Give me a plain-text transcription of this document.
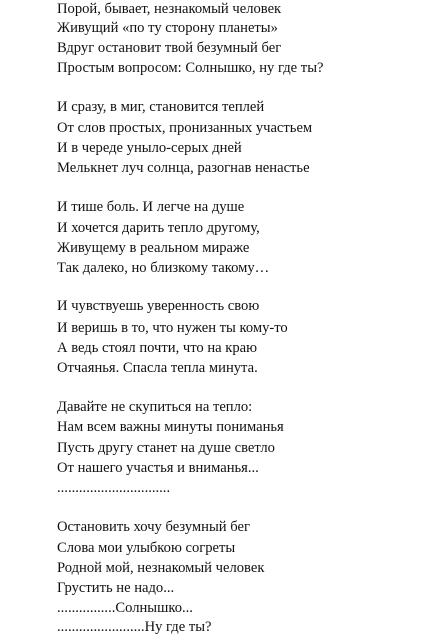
Порой, бывает, незнакомый человек
Живущий «по ту сторону планеты»
Вдруг остановит твой безумный бег
Простым вопросом: Солнышко, ну где ты?
И сразу, в миг, становится теплей
От слов простых, пронизанных участьем
И в череде уныло-серых дней
Мелькнет луч солнца, разогнав ненастье
И тише боль. И легче на душе
И хочется дарить тепло другому,
Живущему в реальном мираже
Так далеко, но близкому такому…
И чувствуешь уверенность свою
И веришь в то, что нужен ты кому-то
А ведь стоял почти, что на краю
Отчаянья. Спасла тепла минута.
Давайте не скупиться на тепло:
Нам всем важны минуты пониманья
Пусть другу станет на душе светло
От нашего участья и вниманья...
...............................
Остановить хочу безумный бег
Слова мои улыбкою согреты
Родной мой, незнакомый человек
Грустить не надо...
................Солнышко...
........................Ну где ты?
